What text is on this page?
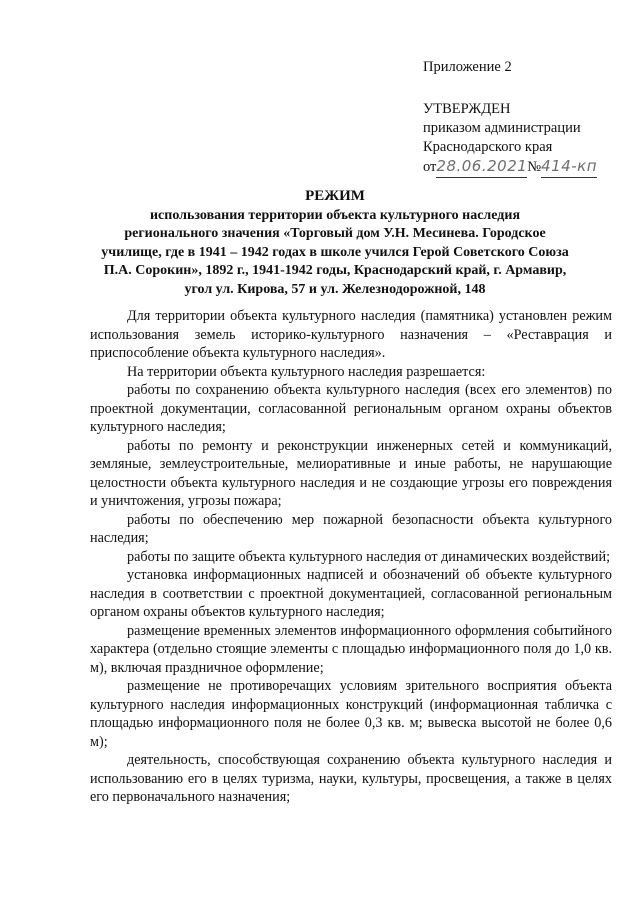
Приложение 2
УТВЕРЖДЕН
приказом администрации
Краснодарского края
от28.06.2021№414-кп
РЕЖИМ
использования территории объекта культурного наследия
регионального значения «Торговый дом У.Н. Месинева. Городское
училище, где в 1941 – 1942 годах в школе учился Герой Советского Союза
П.А. Сорокин», 1892 г., 1941-1942 годы, Краснодарский край, г. Армавир,
угол ул. Кирова, 57 и ул. Железнодорожной, 148

Для территории объекта культурного наследия (памятника) установлен режим использования земель историко-культурного назначения – «Реставрация и приспособление объекта культурного наследия».

На территории объекта культурного наследия разрешается:

работы по сохранению объекта культурного наследия (всех его элементов) по проектной документации, согласованной региональным органом охраны объектов культурного наследия;

работы по ремонту и реконструкции инженерных сетей и коммуникаций, земляные, землеустроительные, мелиоративные и иные работы, не нарушающие целостности объекта культурного наследия и не создающие угрозы его повреждения и уничтожения, угрозы пожара;

работы по обеспечению мер пожарной безопасности объекта культурного наследия;

работы по защите объекта культурного наследия от динамических воздействий;

установка информационных надписей и обозначений об объекте культурного наследия в соответствии с проектной документацией, согласованной региональным органом охраны объектов культурного наследия;

размещение временных элементов информационного оформления событийного характера (отдельно стоящие элементы с площадью информационного поля до 1,0 кв. м), включая праздничное оформление;

размещение не противоречащих условиям зрительного восприятия объекта культурного наследия информационных конструкций (информационная табличка с площадью информационного поля не более 0,3 кв. м; вывеска высотой не более 0,6 м);

деятельность, способствующая сохранению объекта культурного наследия и использованию его в целях туризма, науки, культуры, просвещения, а также в целях его первоначального назначения;
